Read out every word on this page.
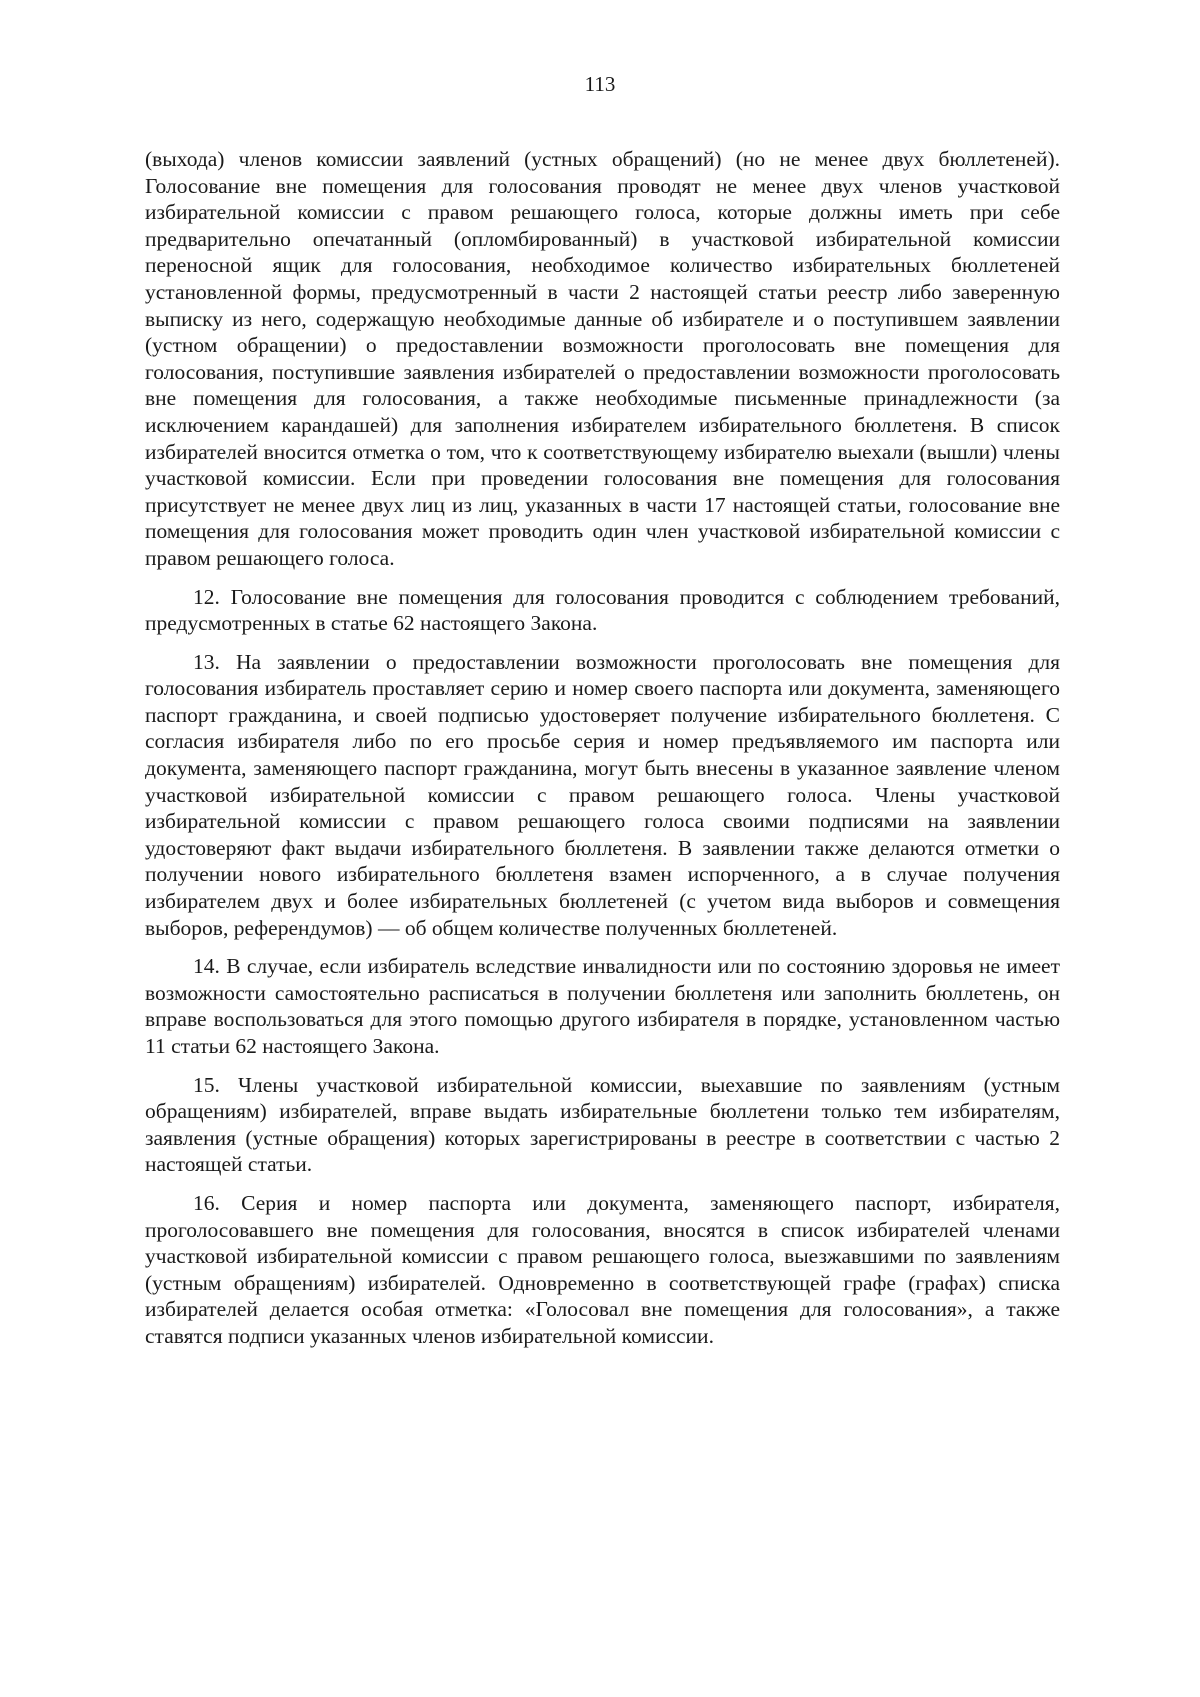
113

(выхода) членов комиссии заявлений (устных обращений) (но не менее двух бюллетеней). Голосование вне помещения для голосования проводят не менее двух членов участковой избирательной комиссии с правом решающего голоса, которые должны иметь при себе предварительно опечатанный (опломбированный) в участковой избирательной комиссии переносной ящик для голосования, необходимое количество избирательных бюллетеней установленной формы, предусмотренный в части 2 настоящей статьи реестр либо заверенную выписку из него, содержащую необходимые данные об избирателе и о поступившем заявлении (устном обращении) о предоставлении возможности проголосовать вне помещения для голосования, поступившие заявления избирателей о предоставлении возможности проголосовать вне помещения для голосования, а также необходимые письменные принадлежности (за исключением карандашей) для заполнения избирателем избирательного бюллетеня. В список избирателей вносится отметка о том, что к соответствующему избирателю выехали (вышли) члены участковой комиссии. Если при проведении голосования вне помещения для голосования присутствует не менее двух лиц из лиц, указанных в части 17 настоящей статьи, голосование вне помещения для голосования может проводить один член участковой избирательной комиссии с правом решающего голоса.

12. Голосование вне помещения для голосования проводится с соблюдением требований, предусмотренных в статье 62 настоящего Закона.

13. На заявлении о предоставлении возможности проголосовать вне помещения для голосования избиратель проставляет серию и номер своего паспорта или документа, заменяющего паспорт гражданина, и своей подписью удостоверяет получение избирательного бюллетеня. С согласия избирателя либо по его просьбе серия и номер предъявляемого им паспорта или документа, заменяющего паспорт гражданина, могут быть внесены в указанное заявление членом участковой избирательной комиссии с правом решающего голоса. Члены участковой избирательной комиссии с правом решающего голоса своими подписями на заявлении удостоверяют факт выдачи избирательного бюллетеня. В заявлении также делаются отметки о получении нового избирательного бюллетеня взамен испорченного, а в случае получения избирателем двух и более избирательных бюллетеней (с учетом вида выборов и совмещения выборов, референдумов) — об общем количестве полученных бюллетеней.

14. В случае, если избиратель вследствие инвалидности или по состоянию здоровья не имеет возможности самостоятельно расписаться в получении бюллетеня или заполнить бюллетень, он вправе воспользоваться для этого помощью другого избирателя в порядке, установленном частью 11 статьи 62 настоящего Закона.

15. Члены участковой избирательной комиссии, выехавшие по заявлениям (устным обращениям) избирателей, вправе выдать избирательные бюллетени только тем избирателям, заявления (устные обращения) которых зарегистрированы в реестре в соответствии с частью 2 настоящей статьи.

16. Серия и номер паспорта или документа, заменяющего паспорт, избирателя, проголосовавшего вне помещения для голосования, вносятся в список избирателей членами участковой избирательной комиссии с правом решающего голоса, выезжавшими по заявлениям (устным обращениям) избирателей. Одновременно в соответствующей графе (графах) списка избирателей делается особая отметка: «Голосовал вне помещения для голосования», а также ставятся подписи указанных членов избирательной комиссии.
